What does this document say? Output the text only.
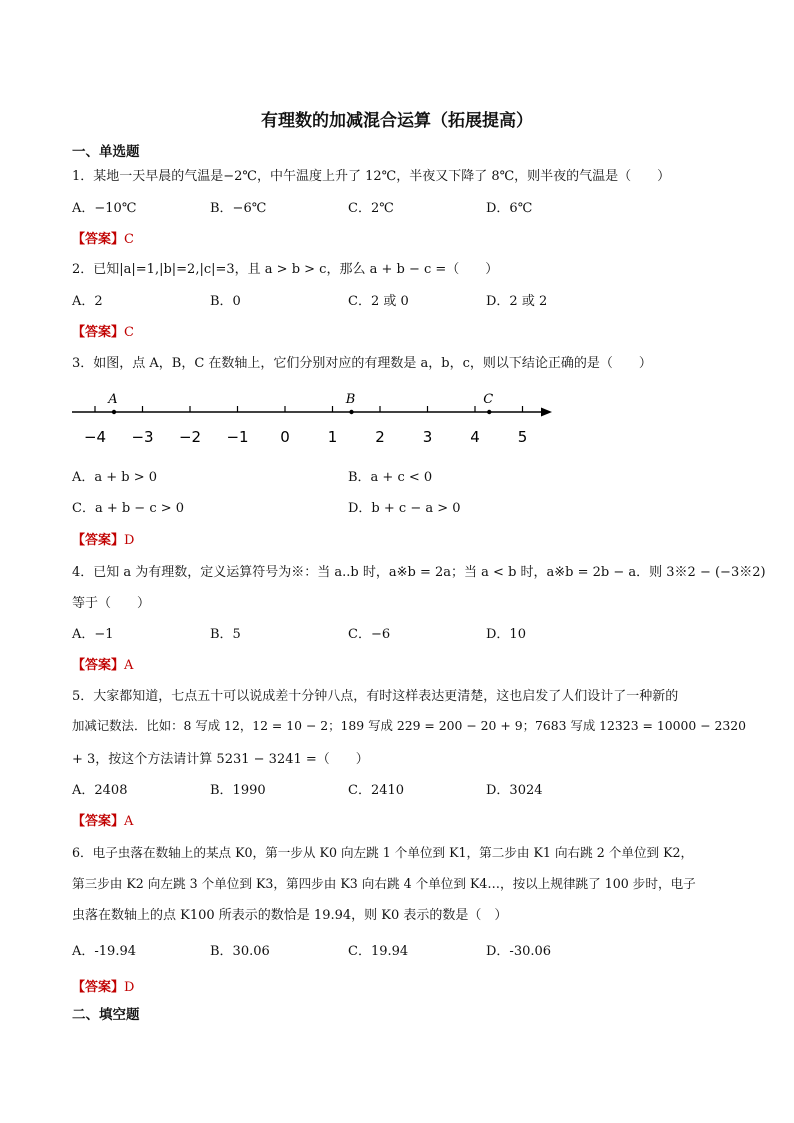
有理数的加减混合运算（拓展提高）
一、单选题
1．某地一天早晨的气温是−2℃，中午温度上升了 12℃，半夜又下降了 8℃，则半夜的气温是（　　）
A．−10℃	B．−6℃	C．2℃	D．6℃
【答案】C
2．已知|a|=1,|b|=2,|c|=3，且 a > b > c，那么 a + b − c =（　　）
A．2	B．0	C．2 或 0	D．2 或 2
【答案】C
3．如图，点 A，B，C 在数轴上，它们分别对应的有理数是 a，b，c，则以下结论正确的是（　　）
−4 −3 −2 −1 0	1	2	3	4	5
A	B	C
A．a + b > 0	B．a + c < 0
C．a + b − c > 0	D．b + c − a > 0
【答案】D
4．已知 a 为有理数，定义运算符号为※：当 a..b 时，a※b = 2a；当 a < b 时，a※b = 2b − a．则 3※2 − (−3※2)
等于（　　）
A．−1	B．5	C．−6	D．10
【答案】A
5．大家都知道，七点五十可以说成差十分钟八点，有时这样表达更清楚，这也启发了人们设计了一种新的
加减记数法．比如：8 写成 12，12 = 10 − 2；189 写成 229 = 200 − 20 + 9；7683 写成 12323 = 10000 − 2320
+ 3，按这个方法请计算 5231 − 3241 =（　　）
A．2408	B．1990	C．2410	D．3024
【答案】A
6．电子虫落在数轴上的某点 K0，第一步从 K0 向左跳 1 个单位到 K1，第二步由 K1 向右跳 2 个单位到 K2，
第三步由 K2 向左跳 3 个单位到 K3，第四步由 K3 向右跳 4 个单位到 K4…，按以上规律跳了 100 步时，电子
虫落在数轴上的点 K100 所表示的数恰是 19.94，则 K0 表示的数是（　）
A．-19.94	B．30.06	C．19.94	D．-30.06
【答案】D
二、填空题
